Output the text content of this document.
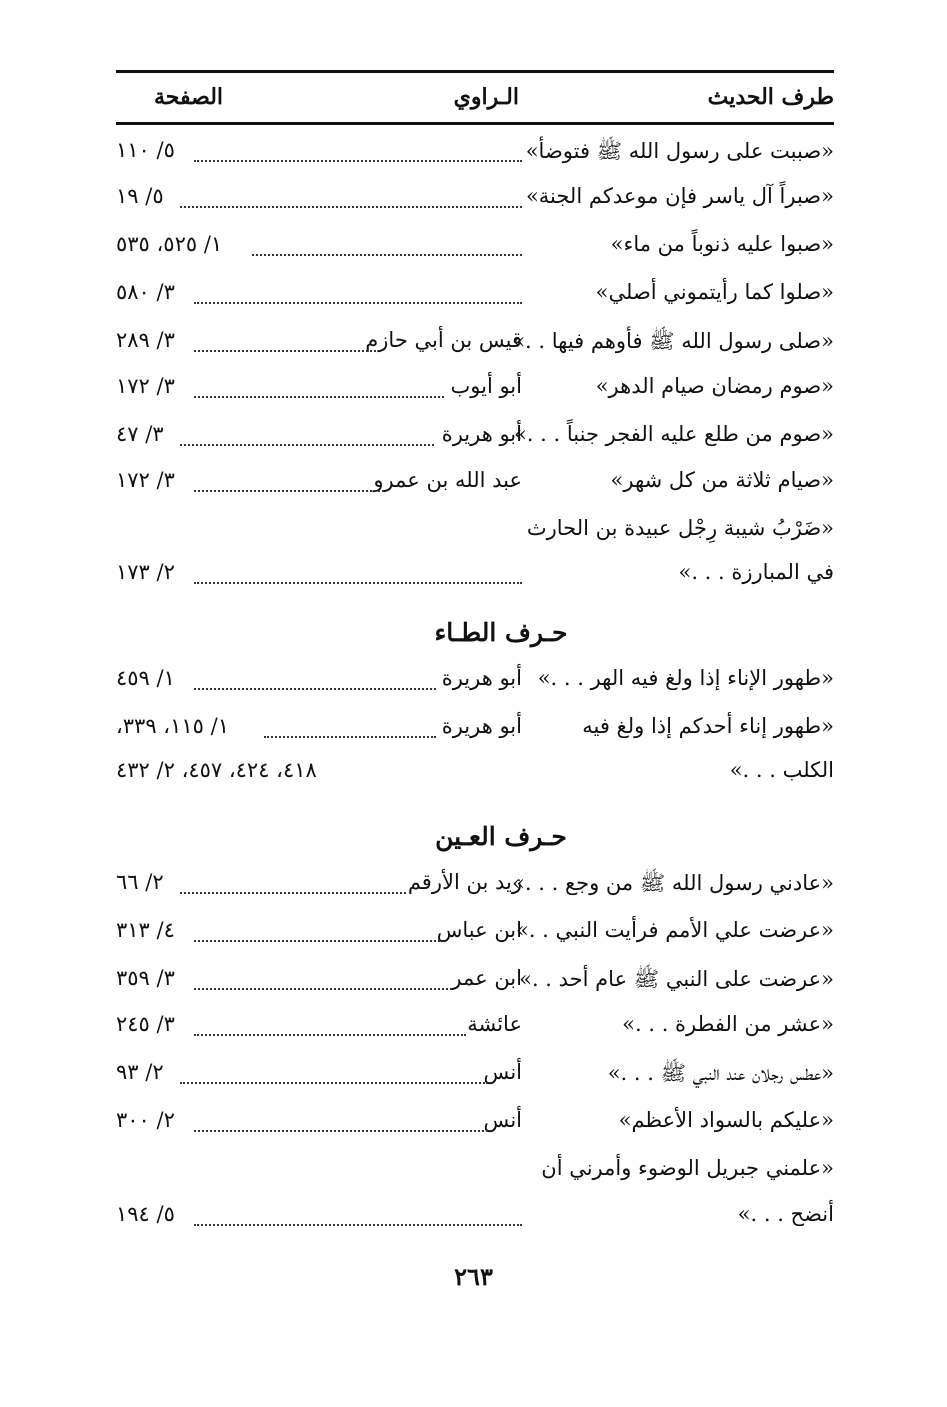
طرف الحديث
الـراوي
الصفحة
«صببت على رسول الله ﷺ فتوضأ»
٥/ ١١٠
«صبراً آل ياسر فإن موعدكم الجنة»
٥/ ١٩
«صبوا عليه ذنوباً من ماء»
١/ ٥٢٥، ٥٣٥
«صلوا كما رأيتموني أصلي»
٣/ ٥٨٠
«صلى رسول الله ﷺ فأوهم فيها . .»
قيس بن أبي حازم
٣/ ٢٨٩
«صوم رمضان صيام الدهر»
أبو أيوب
٣/ ١٧٢
«صوم من طلع عليه الفجر جنباً . . .»
أبو هريرة
٣/ ٤٧
«صيام ثلاثة من كل شهر»
عبد الله بن عمرو
٣/ ١٧٢
«ضَرْبُ شيبة رِجْل عبيدة بن الحارث
في المبارزة . . .»
٢/ ١٧٣
حـرف الطـاء
«طهور الإناء إذا ولغ فيه الهر . . .»
أبو هريرة
١/ ٤٥٩
«طهور إناء أحدكم إذا ولغ فيه
أبو هريرة
١/ ١١٥، ٣٣٩،
الكلب . . .»
٤١٨، ٤٢٤، ٤٥٧، ٢/ ٤٣٢
حـرف العـين
«عادني رسول الله ﷺ من وجع . . .»
زيد بن الأرقم
٢/ ٦٦
«عرضت علي الأمم فرأيت النبي . .»
ابن عباس
٤/ ٣١٣
«عرضت على النبي ﷺ عام أحد . .»
ابن عمر
٣/ ٣٥٩
«عشر من الفطرة . . .»
عائشة
٣/ ٢٤٥
«عطس رجلان عند النبي ﷺ . . .»
أنس
٢/ ٩٣
«عليكم بالسواد الأعظم»
أنس
٢/ ٣٠٠
«علمني جبريل الوضوء وأمرني أن
أنضح . . .»
٥/ ١٩٤
٢٦٣
